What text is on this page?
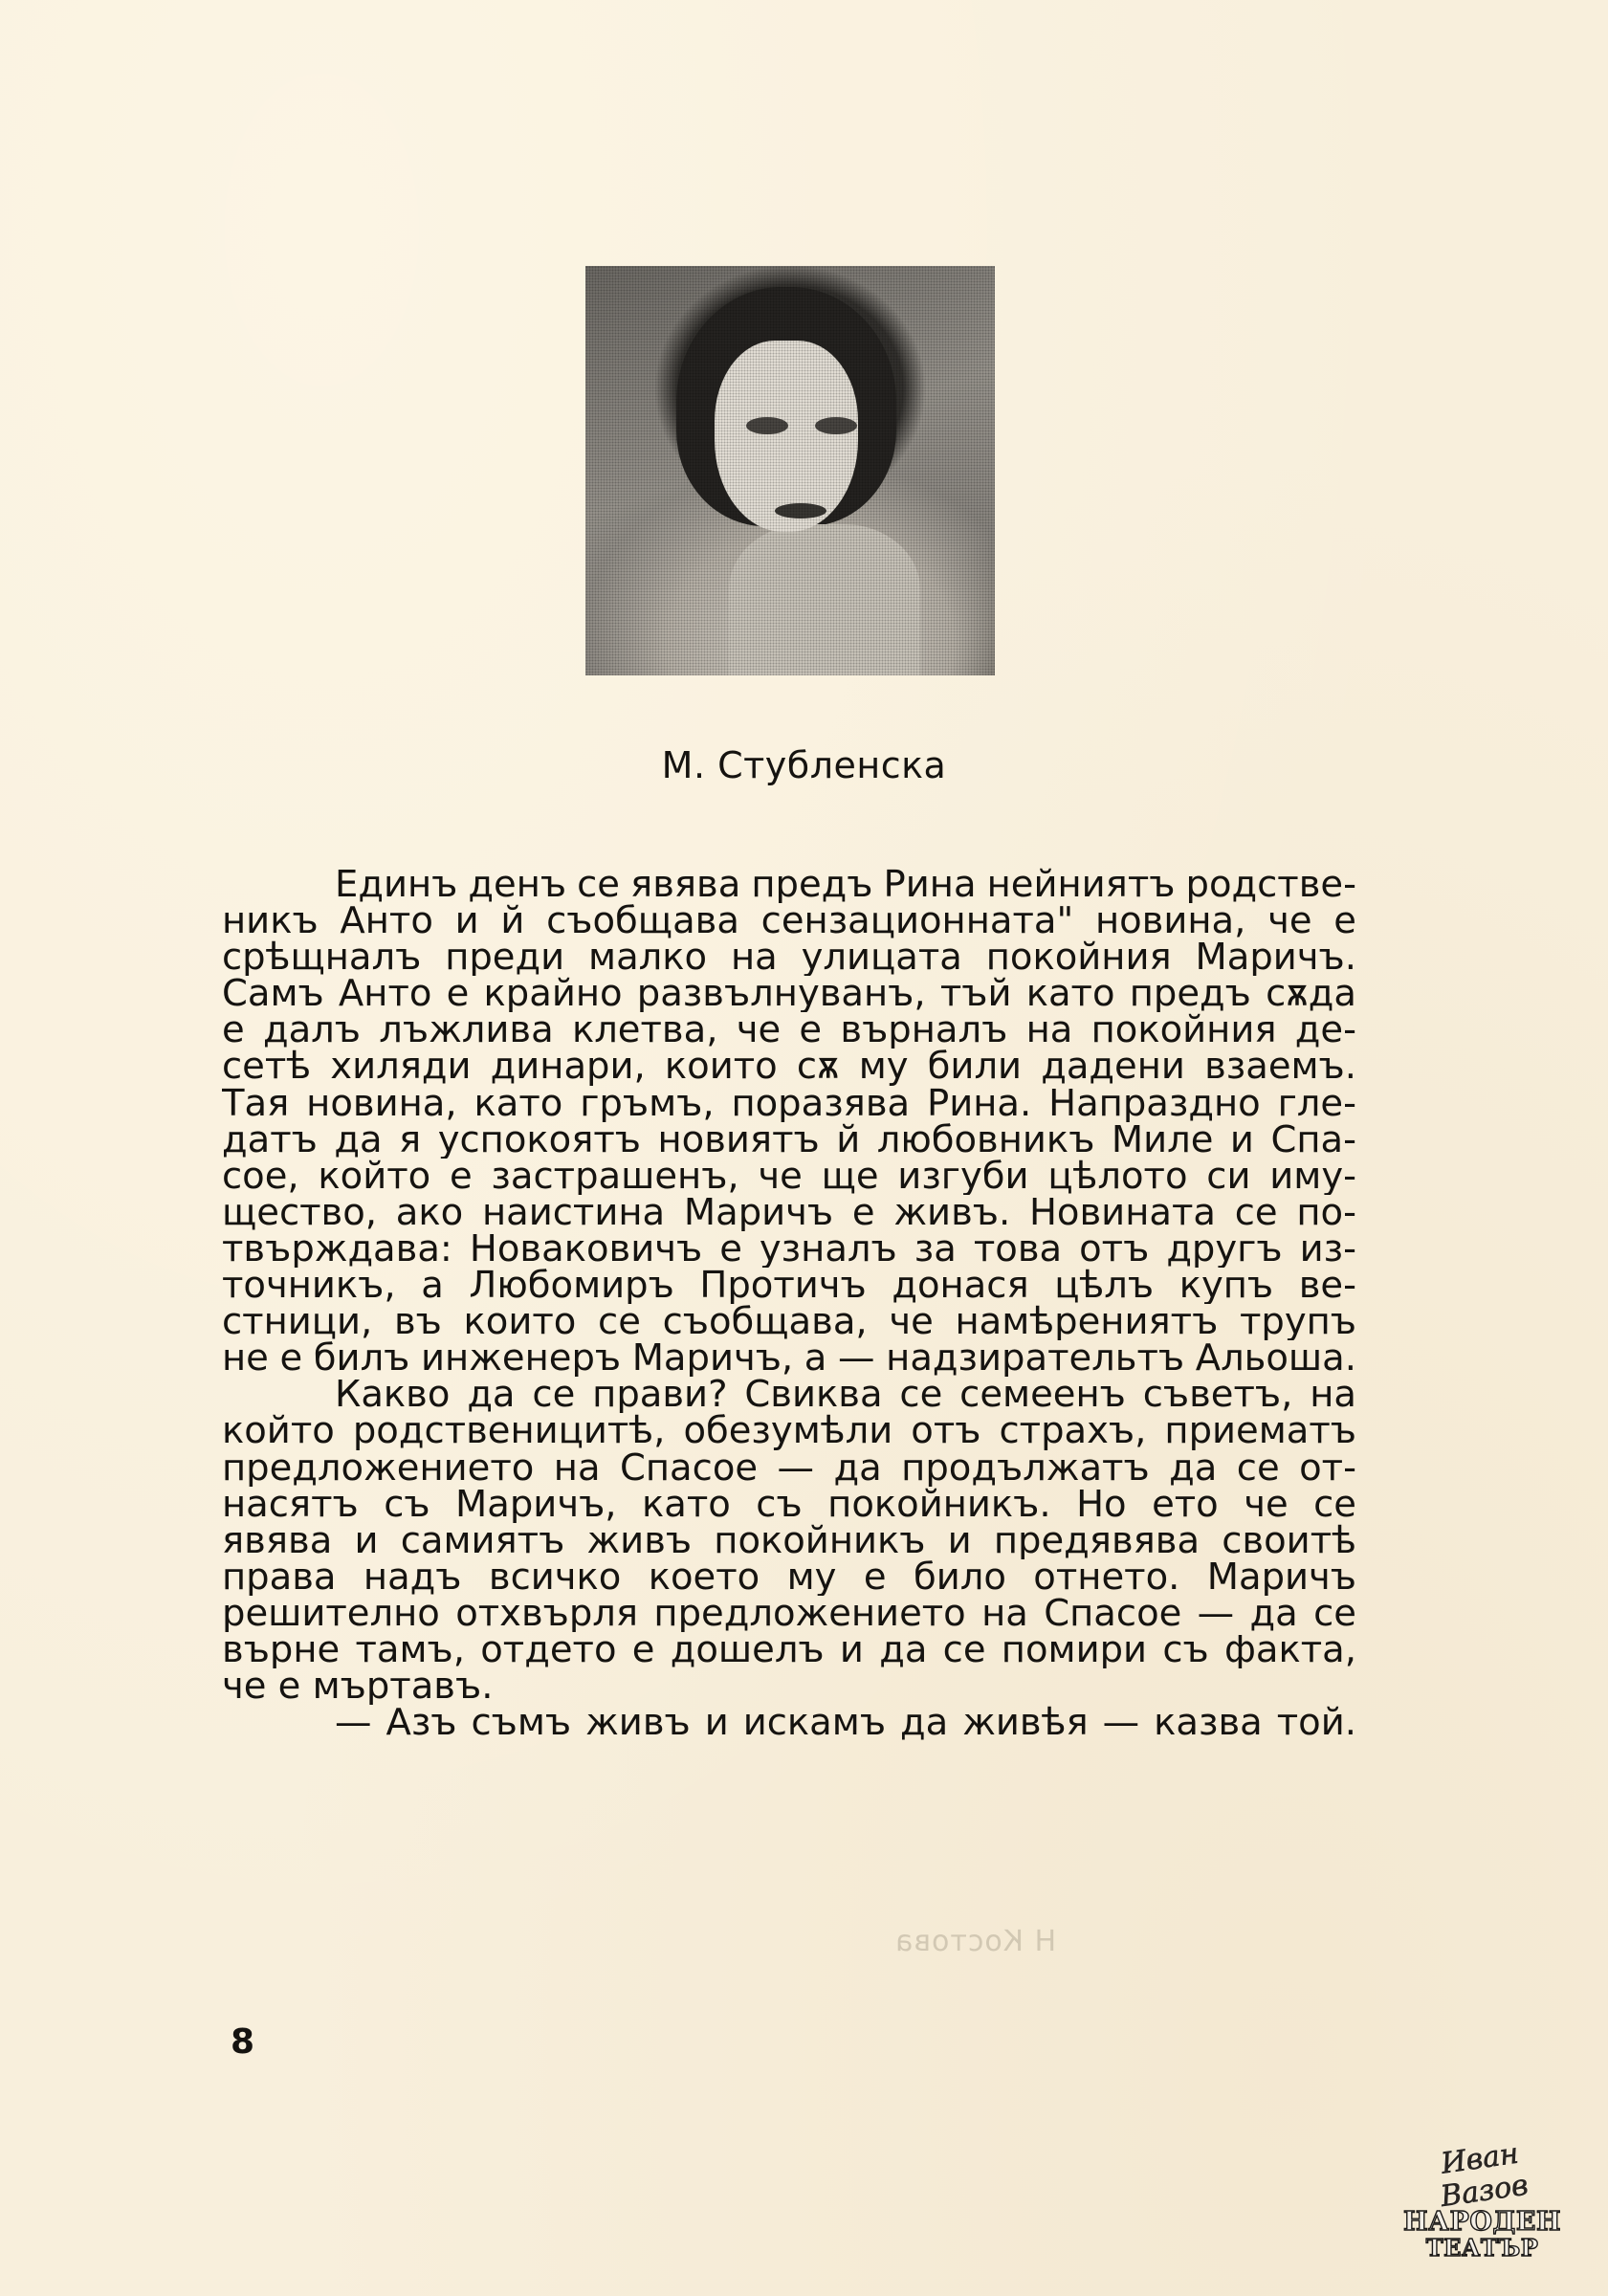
М. Стубленска
Единъ денъ се явява предъ Рина нейниятъ родстве-
никъ Анто и й съобщава сензационната" новина, че е
срѣщналъ преди малко на улицата покойния Маричъ.
Самъ Анто е крайно развълнуванъ, тъй като предъ сѫда
е далъ лъжлива клетва, че е върналъ на покойния де-
сетѣ хиляди динари, които сѫ му били дадени взаемъ.
Тая новина, като гръмъ, поразява Рина. Напраздно гле-
датъ да я успокоятъ новиятъ й любовникъ Миле и Спа-
сое, който е застрашенъ, че ще изгуби цѣлото си иму-
щество, ако наистина Маричъ е живъ. Новината се по-
твърждава: Новаковичъ е узналъ за това отъ другъ из-
точникъ, а Любомиръ Протичъ донася цѣлъ купъ ве-
стници, въ които се съобщава, че намѣрениятъ трупъ
не е билъ инженеръ Маричъ, а — надзирательтъ Альоша.
Какво да се прави? Свиква се семеенъ съветъ, на
който родственицитѣ, обезумѣли отъ страхъ, приематъ
предложението на Спасое — да продължатъ да се от-
насятъ съ Маричъ, като съ покойникъ. Но ето че се
явява и самиятъ живъ покойникъ и предявява своитѣ
права надъ всичко което му е било отнето. Маричъ
решително отхвърля предложението на Спасое — да се
върне тамъ, отдето е дошелъ и да се помири съ факта,
че е мъртавъ.
— Азъ съмъ живъ и искамъ да живѣя — казва той.
Н Костова
8
Иван Вазов
НАРОДЕН
ТЕАТЪР
